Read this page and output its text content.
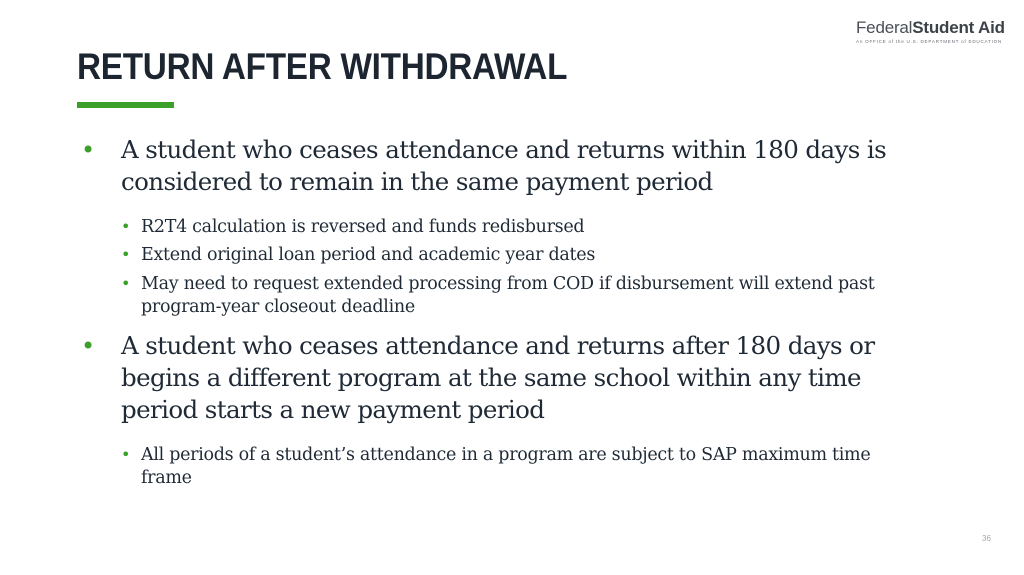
FederalStudent Aid
An OFFICE of the U.S. DEPARTMENT of EDUCATION
RETURN AFTER WITHDRAWAL
• A student who ceases attendance and returns within 180 days is considered to remain in the same payment period
• R2T4 calculation is reversed and funds redisbursed
• Extend original loan period and academic year dates
• May need to request extended processing from COD if disbursement will extend past program-year closeout deadline
• A student who ceases attendance and returns after 180 days or begins a different program at the same school within any time period starts a new payment period
• All periods of a student’s attendance in a program are subject to SAP maximum time frame
36
